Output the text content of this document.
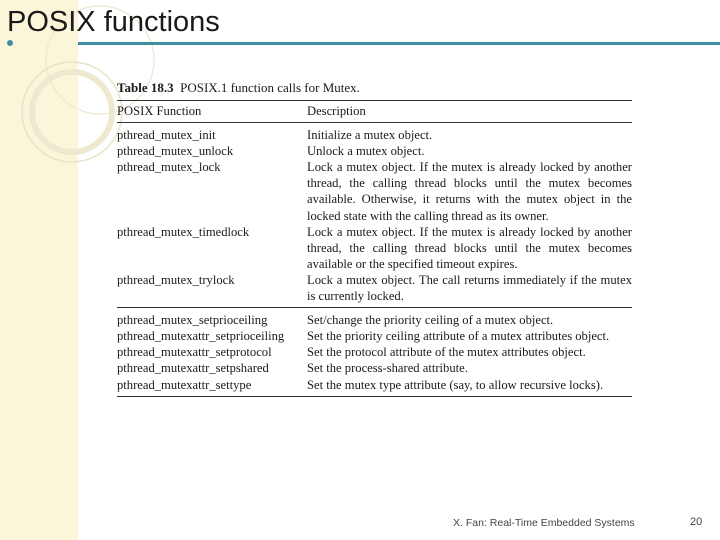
POSIX functions
Table 18.3 POSIX.1 function calls for Mutex.
POSIX Function	Description
pthread_mutex_init	Initialize a mutex object.
pthread_mutex_unlock	Unlock a mutex object.
pthread_mutex_lock	Lock a mutex object. If the mutex is already locked by another thread, the calling thread blocks until the mutex becomes available. Otherwise, it returns with the mutex object in the locked state with the calling thread as its owner.
pthread_mutex_timedlock	Lock a mutex object. If the mutex is already locked by another thread, the calling thread blocks until the mutex becomes available or the specified timeout expires.
pthread_mutex_trylock	Lock a mutex object. The call returns immediately if the mutex is currently locked.
pthread_mutex_setprioceiling	Set/change the priority ceiling of a mutex object.
pthread_mutexattr_setprioceiling	Set the priority ceiling attribute of a mutex attributes object.
pthread_mutexattr_setprotocol	Set the protocol attribute of the mutex attributes object.
pthread_mutexattr_setpshared	Set the process-shared attribute.
pthread_mutexattr_settype	Set the mutex type attribute (say, to allow recursive locks).
X. Fan: Real-Time Embedded Systems	20
